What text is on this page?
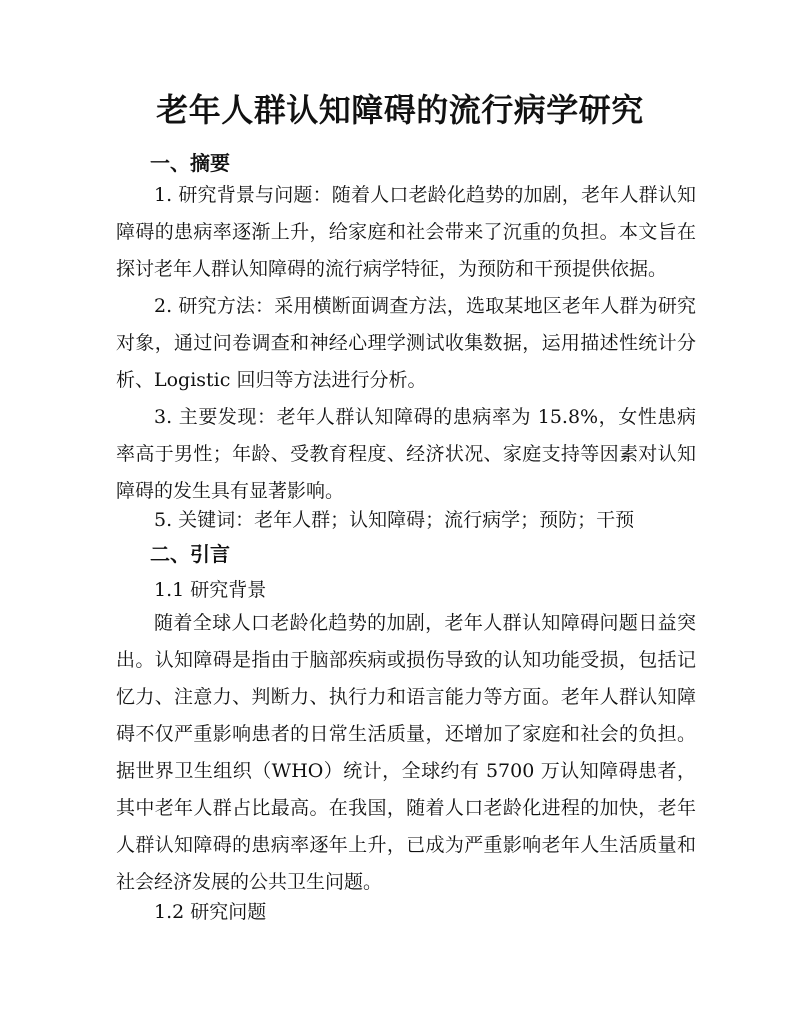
老年人群认知障碍的流行病学研究
一、摘要

1. 研究背景与问题：随着人口老龄化趋势的加剧，老年人群认知障碍的患病率逐渐上升，给家庭和社会带来了沉重的负担。本文旨在探讨老年人群认知障碍的流行病学特征，为预防和干预提供依据。

2. 研究方法：采用横断面调查方法，选取某地区老年人群为研究对象，通过问卷调查和神经心理学测试收集数据，运用描述性统计分析、Logistic 回归等方法进行分析。

3. 主要发现：老年人群认知障碍的患病率为 15.8%，女性患病率高于男性；年龄、受教育程度、经济状况、家庭支持等因素对认知障碍的发生具有显著影响。

5. 关键词：老年人群；认知障碍；流行病学；预防；干预

二、引言
1.1 研究背景

随着全球人口老龄化趋势的加剧，老年人群认知障碍问题日益突出。认知障碍是指由于脑部疾病或损伤导致的认知功能受损，包括记忆力、注意力、判断力、执行力和语言能力等方面。老年人群认知障碍不仅严重影响患者的日常生活质量，还增加了家庭和社会的负担。据世界卫生组织（WHO）统计，全球约有 5700 万认知障碍患者，其中老年人群占比最高。在我国，随着人口老龄化进程的加快，老年人群认知障碍的患病率逐年上升，已成为严重影响老年人生活质量和社会经济发展的公共卫生问题。

1.2 研究问题
